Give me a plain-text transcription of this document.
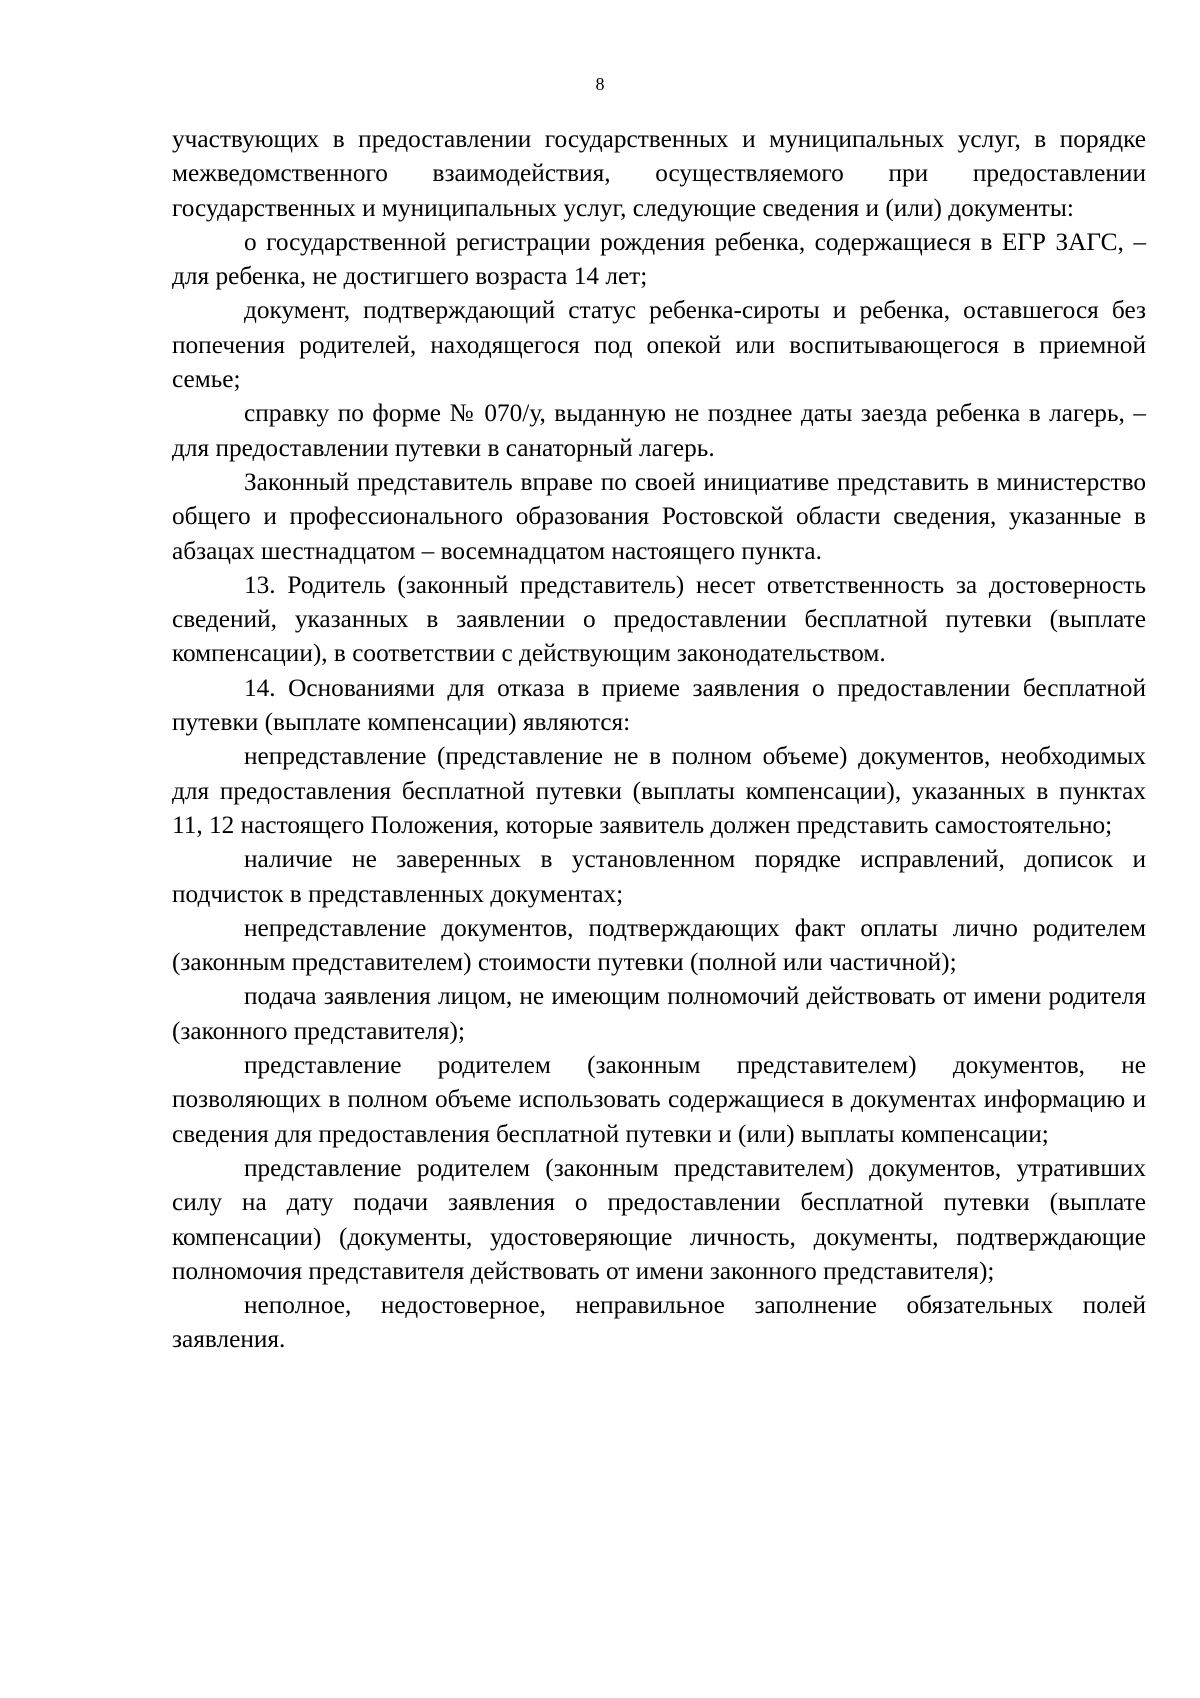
8

участвующих в предоставлении государственных и муниципальных услуг, в порядке межведомственного взаимодействия, осуществляемого при предоставлении государственных и муниципальных услуг, следующие сведения и (или) документы:

о государственной регистрации рождения ребенка, содержащиеся в ЕГР ЗАГС, – для ребенка, не достигшего возраста 14 лет;

документ, подтверждающий статус ребенка-сироты и ребенка, оставшегося без попечения родителей, находящегося под опекой или воспитывающегося в приемной семье;

справку по форме № 070/у, выданную не позднее даты заезда ребенка в лагерь, – для предоставлении путевки в санаторный лагерь.

Законный представитель вправе по своей инициативе представить в министерство общего и профессионального образования Ростовской области сведения, указанные в абзацах шестнадцатом – восемнадцатом настоящего пункта.

13. Родитель (законный представитель) несет ответственность за достоверность сведений, указанных в заявлении о предоставлении бесплатной путевки (выплате компенсации), в соответствии с действующим законодательством.

14. Основаниями для отказа в приеме заявления о предоставлении бесплатной путевки (выплате компенсации) являются:

непредставление (представление не в полном объеме) документов, необходимых для предоставления бесплатной путевки (выплаты компенсации), указанных в пунктах 11, 12 настоящего Положения, которые заявитель должен представить самостоятельно;

наличие не заверенных в установленном порядке исправлений, дописок и подчисток в представленных документах;

непредставление документов, подтверждающих факт оплаты лично родителем (законным представителем) стоимости путевки (полной или частичной);

подача заявления лицом, не имеющим полномочий действовать от имени родителя (законного представителя);

представление родителем (законным представителем) документов, не позволяющих в полном объеме использовать содержащиеся в документах информацию и сведения для предоставления бесплатной путевки и (или) выплаты компенсации;

представление родителем (законным представителем) документов, утративших силу на дату подачи заявления о предоставлении бесплатной путевки (выплате компенсации) (документы, удостоверяющие личность, документы, подтверждающие полномочия представителя действовать от имени законного представителя);

неполное, недостоверное, неправильное заполнение обязательных полей заявления.
